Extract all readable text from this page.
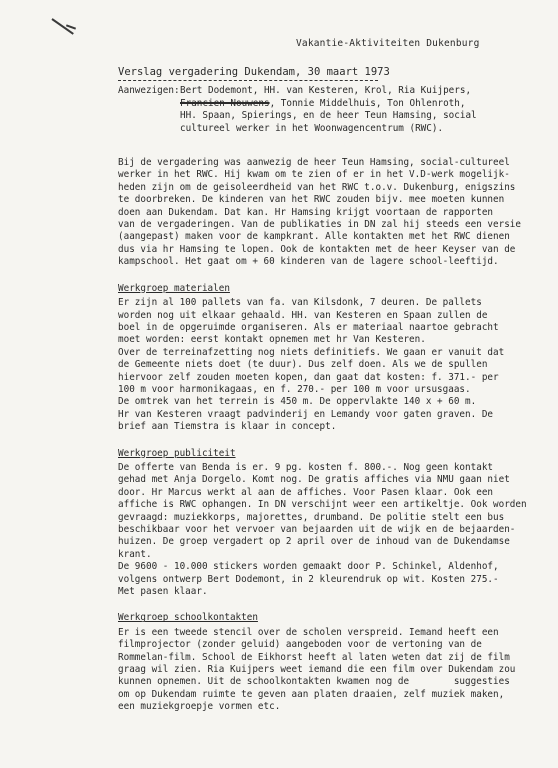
Vakantie-Aktiviteiten Dukenburg
Verslag vergadering Dukendam, 30 maart 1973
Aanwezigen: Bert Dodemont, HH. van Kesteren, Krol, Ria Kuijpers,
Francien Nouwens, Tonnie Middelhuis, Ton Ohlenroth,
HH. Spaan, Spierings, en de heer Teun Hamsing, social
cultureel werker in het Woonwagencentrum (RWC).
Bij de vergadering was aanwezig de heer Teun Hamsing, social-cultureel
werker in het RWC. Hij kwam om te zien of er in het V.D-werk mogelijk-
heden zijn om de geisoleerdheid van het RWC t.o.v. Dukenburg, enigszins
te doorbreken. De kinderen van het RWC zouden bijv. mee moeten kunnen
doen aan Dukendam. Dat kan. Hr Hamsing krijgt voortaan de rapporten
van de vergaderingen. Van de publikaties in DN zal hij steeds een versie
(aangepast) maken voor de kampkrant. Alle kontakten met het RWC dienen
dus via hr Hamsing te lopen. Ook de kontakten met de heer Keyser van de
kampschool. Het gaat om + 60 kinderen van de lagere school-leeftijd.
Werkgroep materialen
Er zijn al 100 pallets van fa. van Kilsdonk, 7 deuren. De pallets
worden nog uit elkaar gehaald. HH. van Kesteren en Spaan zullen de
boel in de opgeruimde organiseren. Als er materiaal naartoe gebracht
moet worden: eerst kontakt opnemen met hr Van Kesteren.
Over de terreinafzetting nog niets definitiefs. We gaan er vanuit dat
de Gemeente niets doet (te duur). Dus zelf doen. Als we de spullen
hiervoor zelf zouden moeten kopen, dan gaat dat kosten: f. 371.- per
100 m voor harmonikagaas, en f. 270.- per 100 m voor ursusgaas.
De omtrek van het terrein is 450 m. De oppervlakte 140 x + 60 m.
Hr van Kesteren vraagt padvinderij en Lemandy voor gaten graven. De
brief aan Tiemstra is klaar in concept.
Werkgroep publiciteit
De offerte van Benda is er. 9 pg. kosten f. 800.-. Nog geen kontakt
gehad met Anja Dorgelo. Komt nog. De gratis affiches via NMU gaan niet
door. Hr Marcus werkt al aan de affiches. Voor Pasen klaar. Ook een
affiche is RWC ophangen. In DN verschijnt weer een artikeltje. Ook worden
gevraagd: muziekkorps, majorettes, drumband. De politie stelt een bus
beschikbaar voor het vervoer van bejaarden uit de wijk en de bejaarden-
huizen. De groep vergadert op 2 april over de inhoud van de Dukendamse
krant.
De 9600 - 10.000 stickers worden gemaakt door P. Schinkel, Aldenhof,
volgens ontwerp Bert Dodemont, in 2 kleurendruk op wit. Kosten 275.-
Met pasen klaar.
Werkgroep schoolkontakten
Er is een tweede stencil over de scholen verspreid. Iemand heeft een
filmprojector (zonder geluid) aangeboden voor de vertoning van de
Rommelan-film. School de Eikhorst heeft al laten weten dat zij de film
graag wil zien. Ria Kuijpers weet iemand die een film over Dukendam zou
kunnen opnemen. Uit de schoolkontakten kwamen nog de        suggesties
om op Dukendam ruimte te geven aan platen draaien, zelf muziek maken,
een muziekgroepje vormen etc.
